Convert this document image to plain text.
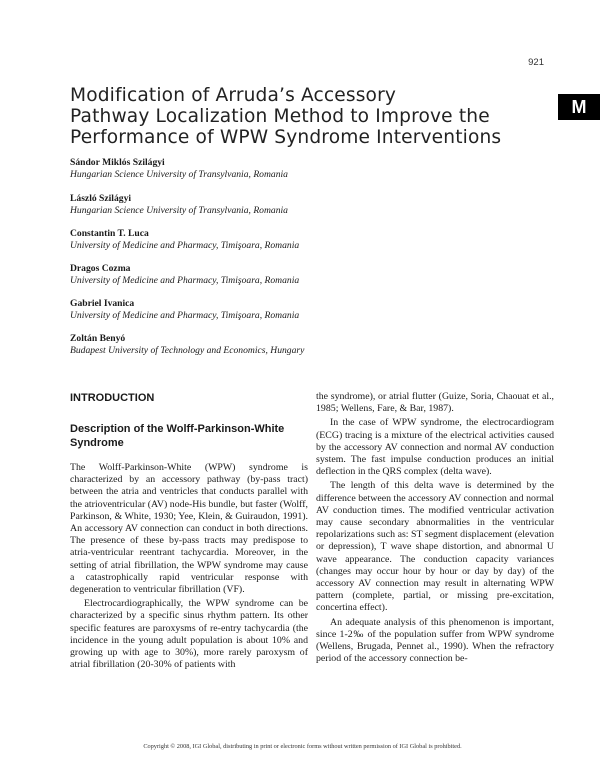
921
M
Modification of Arruda’s Accessory
Pathway Localization Method to Improve the
Performance of WPW Syndrome Interventions
Sándor Miklós Szilágyi
Hungarian Science University of Transylvania, Romania
László Szilágyi
Hungarian Science University of Transylvania, Romania
Constantin T. Luca
University of Medicine and Pharmacy, Timişoara, Romania
Dragos Cozma
University of Medicine and Pharmacy, Timişoara, Romania
Gabriel Ivanica
University of Medicine and Pharmacy, Timişoara, Romania
Zoltán Benyó
Budapest University of Technology and Economics, Hungary
INTRODUCTION
Description of the Wolff-Parkinson-White Syndrome

The Wolff-Parkinson-White (WPW) syndrome is characterized by an accessory pathway (by-pass tract) between the atria and ventricles that conducts parallel with the atrioventricular (AV) node-His bundle, but faster (Wolff, Parkinson, & White, 1930; Yee, Klein, & Guiraudon, 1991). An accessory AV connection can conduct in both directions. The presence of these by-pass tracts may predispose to atria-ventricular reentrant tachycardia. Moreover, in the setting of atrial fibrillation, the WPW syndrome may cause a catastrophically rapid ventricular response with degeneration to ventricular fibrillation (VF).

Electrocardiographically, the WPW syndrome can be characterized by a specific sinus rhythm pattern. Its other specific features are paroxysms of re-entry tachycardia (the incidence in the young adult population is about 10% and growing up with age to 30%), more rarely paroxysm of atrial fibrillation (20-30% of patients with

the syndrome), or atrial flutter (Guize, Soria, Chaouat et al., 1985; Wellens, Fare, & Bar, 1987).

In the case of WPW syndrome, the electrocardiogram (ECG) tracing is a mixture of the electrical activities caused by the accessory AV connection and normal AV conduction system. The fast impulse conduction produces an initial deflection in the QRS complex (delta wave).

The length of this delta wave is determined by the difference between the accessory AV connection and normal AV conduction times. The modified ventricular activation may cause secondary abnormalities in the ventricular repolarizations such as: ST segment displacement (elevation or depression), T wave shape distortion, and abnormal U wave appearance. The conduction capacity variances (changes may occur hour by hour or day by day) of the accessory AV connection may result in alternating WPW pattern (complete, partial, or missing pre-excitation, concertina effect).

An adequate analysis of this phenomenon is important, since 1-2‰ of the population suffer from WPW syndrome (Wellens, Brugada, Pennet al., 1990). When the refractory period of the accessory connection be-

Copyright © 2008, IGI Global, distributing in print or electronic forms without written permission of IGI Global is prohibited.
